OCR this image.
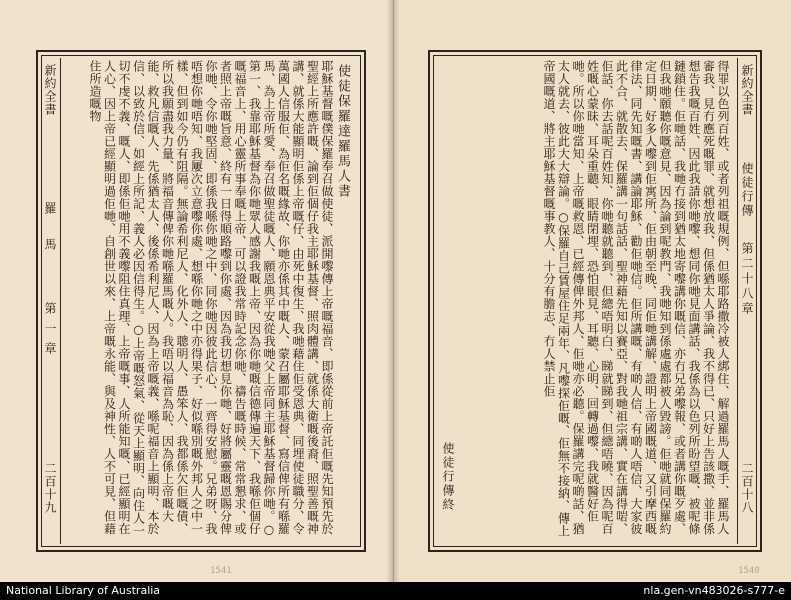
新約全書
羅　馬
第一章
二百十九
使徒保羅達羅馬人書
耶穌基督嘅僕保羅奉召做使徒、派開嚟傳上帝嘅福音、即係從前上帝託佢嘅先知預先於聖經上所應許嘅、論到佢個仔我主耶穌基督、照肉體講、就係大衛嘅後裔、照聖善嘅神講、就係大能顯明佢係上帝嘅仔、由死中復生、我哋藉住佢受恩典、同埋使徒職分、令萬國人信服佢、為佢名嘅緣故、你哋亦係其中嘅人、蒙召屬耶穌基督、寫信俾所有喺羅馬、為上帝所愛、奉召做聖徒嘅人、願恩典平安從我哋父上帝同主耶穌基督歸你哋。○第一、我靠耶穌基督為你哋眾人感謝我嘅上帝、因為你哋嘅信德傳遍天下、我喺佢個仔嘅福音上、用心靈所事奉嘅上帝、可以證我常時記念你哋、禱告嘅時候、常常懇求、或者照上帝嘅旨意、終有一日得順路嚟到你處、因為我切想見你哋、好將屬靈嘅恩賜分俾你哋、令你哋堅固、即係我喺你哋之中、同你哋因彼此信心、一齊得安慰。兄弟呀、我唔想你哋唔知、我屢次立意嚟你處、想喺你哋之中亦得果子、好似喺別嘅外邦人之中一樣、但到如今仍有阻隔。無論希利尼人、化外人、聰明人、愚笨人、我都係欠佢嘅債、所以我願盡我力量、將福音傳俾你哋喺羅馬嘅人。我唔以福音為恥、因為係上帝嘅大能、救凡信嘅人、先係猶太人、後係希利尼人、因為上帝嘅義、喺呢福音上顯明、本於信、以致於信、如經上所記、義人必因信得生。○上帝嘅怒氣、從天上顯明、向住人一切不虔不義、嘅人、即係佢哋用不義嚟阻住真理、上帝嘅事、人所能知嘅、已經顯明在人心、因上帝已經顯明過佢哋、自創世以來、上帝嘅永能、與及神性、人不可見、但藉住所造嘅物	新約全書
使徒行傳
第二十八章
二百十八
使徒行傳終	得罪以色列百姓、或者列祖嘅規例、但喺耶路撒冷被人綁住、解過羅馬人嘅手、羅馬人審我、見冇應死嘅罪、就想放我、但係猶太人爭論、我不得已、只好上告該撒、並非係想告我嘅百姓、因此我請你哋嚟、想同你哋見面講話、我係為以色列所盼望嘅、被呢條鏈鎖住。佢哋話、我哋冇接到猶太地寄嚟講你嘅信、亦冇兄弟嚟報、或者講你嘅歹處、但我哋願聽你嘅意見、因為論到呢教門、我哋知到係處處都被人毀謗。佢哋就同保羅約定日期、好多人嚟到佢寓所、佢由朝至晚、同佢哋講解、證明上帝國嘅道、又引摩西嘅律法、同先知嘅書、講論耶穌、勸佢哋信。佢所講嘅、有啲人信、有啲人唔信、大家彼此不合、就散去、保羅講一句話話、聖神藉先知以賽亞、對我哋祖宗講、實在講得啱、佢話、你去話呢百姓知、你哋聽就聽到、但總唔明白、睇就睇到、但總唔曉、因為呢百姓嘅心蒙昧、耳朵重聽、眼睛閉埋、恐怕眼見、耳聽、心明、回轉過嚟、我就醫好佢哋。所以你哋當知、上帝嘅救恩、已經傳俾外邦人、佢哋亦必聽。保羅講完呢啲話、猶太人就去、彼此大大辯論。○保羅自己賃屋住足兩年、凡嚟探佢嘅、佢無不接納、傳上帝國嘅道、將主耶穌基督嘅事教人、十分有膽志、冇人禁止佢
1541	1540
National Library of Australia	nla.gen-vn483026-s777-e
